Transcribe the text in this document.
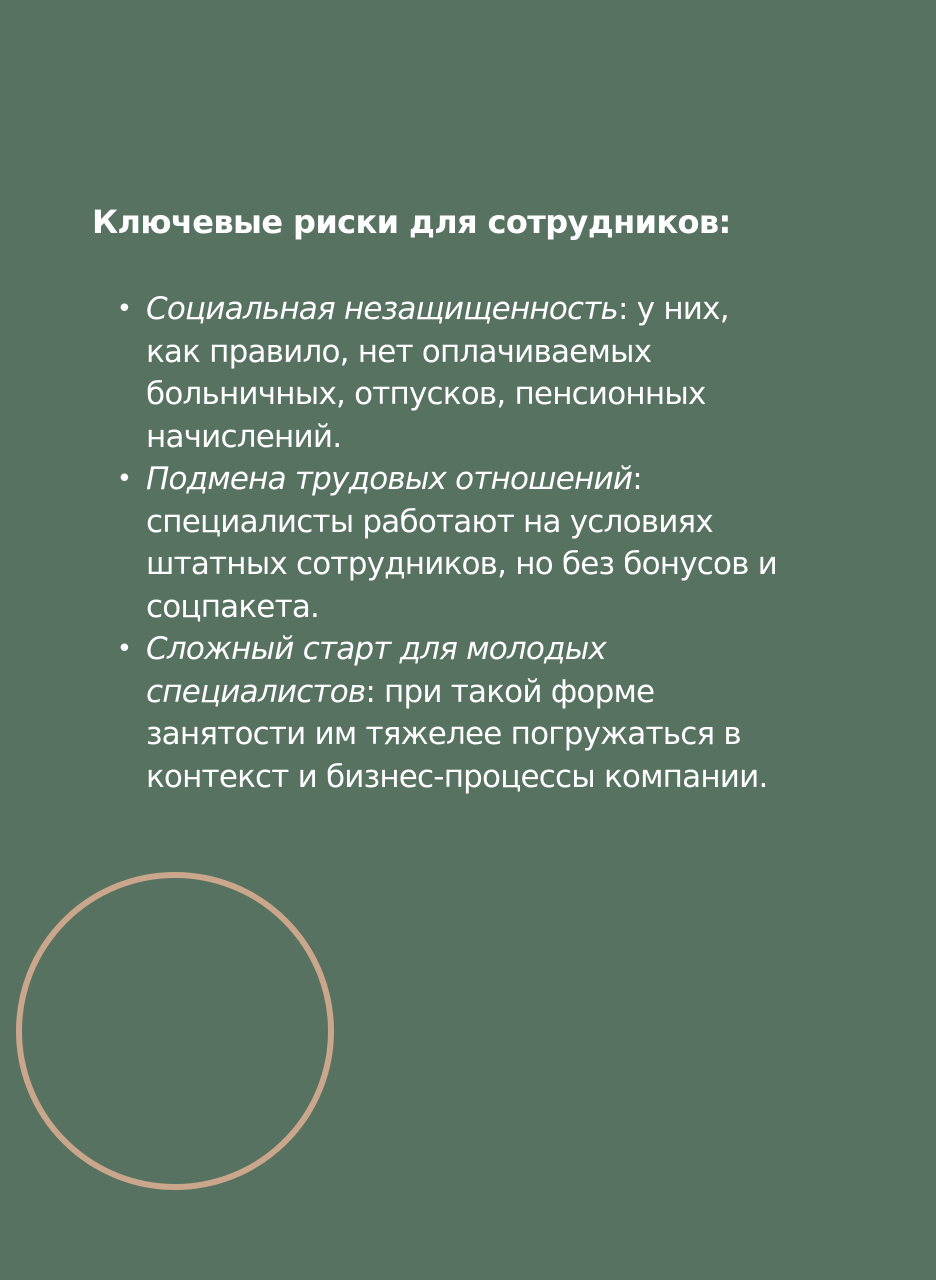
Ключевые риски для сотрудников:
• Социальная незащищенность: у них, как правило, нет оплачиваемых больничных, отпусков, пенсионных начислений.
• Подмена трудовых отношений: специалисты работают на условиях штатных сотрудников, но без бонусов и соцпакета.
• Сложный старт для молодых специалистов: при такой форме занятости им тяжелее погружаться в контекст и бизнес-процессы компании.
